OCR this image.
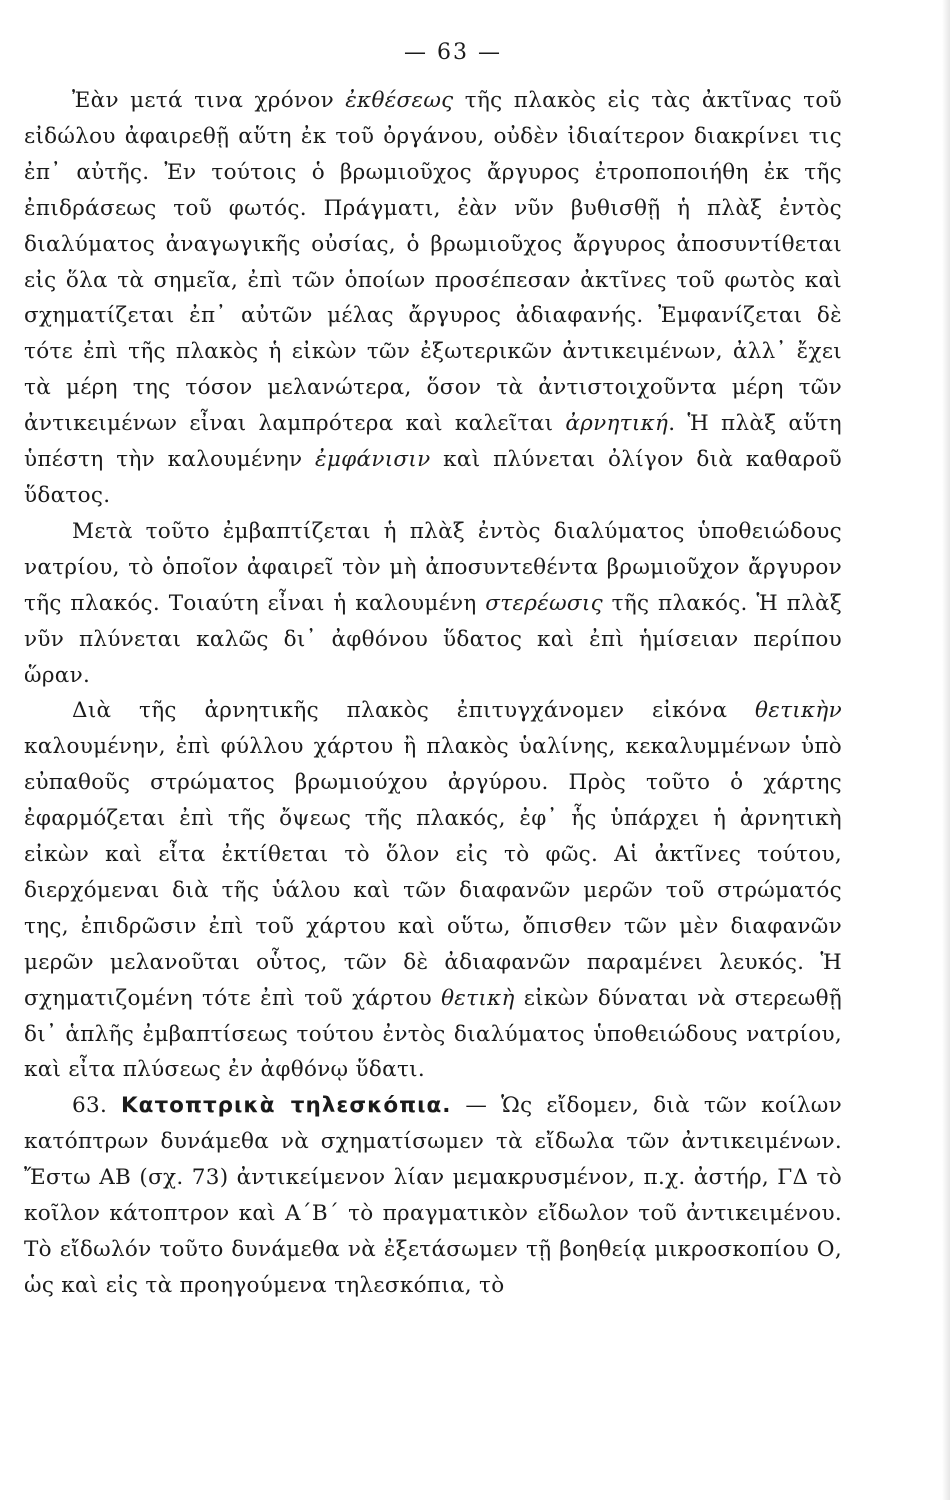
— 63 —

Ἐὰν μετά τινα χρόνον ἐκθέσεως τῆς πλακὸς εἰς τὰς ἀκτῖνας τοῦ εἰδώλου ἀφαιρεθῇ αὕτη ἐκ τοῦ ὀργάνου, οὐδὲν ἰδιαίτερον διακρίνει τις ἐπ᾽ αὐτῆς. Ἐν τούτοις ὁ βρωμιοῦχος ἄργυρος ἐτροποποιήθη ἐκ τῆς ἐπιδράσεως τοῦ φωτός. Πράγματι, ἐὰν νῦν βυθισθῇ ἡ πλὰξ ἐντὸς διαλύματος ἀναγωγικῆς οὐσίας, ὁ βρωμιοῦχος ἄργυρος ἀποσυντίθεται εἰς ὅλα τὰ σημεῖα, ἐπὶ τῶν ὁποίων προσέπεσαν ἀκτῖνες τοῦ φωτὸς καὶ σχηματίζεται ἐπ᾽ αὐτῶν μέλας ἄργυρος ἀδιαφανής. Ἐμφανίζεται δὲ τότε ἐπὶ τῆς πλακὸς ἡ εἰκὼν τῶν ἐξωτερικῶν ἀντικειμένων, ἀλλ᾽ ἔχει τὰ μέρη της τόσον μελανώτερα, ὅσον τὰ ἀντιστοιχοῦντα μέρη τῶν ἀντικειμένων εἶναι λαμπρότερα καὶ καλεῖται ἀρνητική. Ἡ πλὰξ αὕτη ὑπέστη τὴν καλουμένην ἐμφάνισιν καὶ πλύνεται ὀλίγον διὰ καθαροῦ ὕδατος.

Μετὰ τοῦτο ἐμβαπτίζεται ἡ πλὰξ ἐντὸς διαλύματος ὑποθειώδους νατρίου, τὸ ὁποῖον ἀφαιρεῖ τὸν μὴ ἀποσυντεθέντα βρωμιοῦχον ἄργυρον τῆς πλακός. Τοιαύτη εἶναι ἡ καλουμένη στερέωσις τῆς πλακός. Ἡ πλὰξ νῦν πλύνεται καλῶς δι᾽ ἀφθόνου ὕδατος καὶ ἐπὶ ἡμίσειαν περίπου ὥραν.

Διὰ τῆς ἀρνητικῆς πλακὸς ἐπιτυγχάνομεν εἰκόνα θετικὴν καλουμένην, ἐπὶ φύλλου χάρτου ἢ πλακὸς ὑαλίνης, κεκαλυμμένων ὑπὸ εὐπαθοῦς στρώματος βρωμιούχου ἀργύρου. Πρὸς τοῦτο ὁ χάρτης ἐφαρμόζεται ἐπὶ τῆς ὄψεως τῆς πλακός, ἐφ᾽ ἧς ὑπάρχει ἡ ἀρνητικὴ εἰκὼν καὶ εἶτα ἐκτίθεται τὸ ὅλον εἰς τὸ φῶς. Αἱ ἀκτῖνες τούτου, διερχόμεναι διὰ τῆς ὑάλου καὶ τῶν διαφανῶν μερῶν τοῦ στρώματός της, ἐπιδρῶσιν ἐπὶ τοῦ χάρτου καὶ οὕτω, ὄπισθεν τῶν μὲν διαφανῶν μερῶν μελανοῦται οὗτος, τῶν δὲ ἀδιαφανῶν παραμένει λευκός. Ἡ σχηματιζομένη τότε ἐπὶ τοῦ χάρτου θετικὴ εἰκὼν δύναται νὰ στερεωθῇ δι᾽ ἁπλῆς ἐμβαπτίσεως τούτου ἐντὸς διαλύματος ὑποθειώδους νατρίου, καὶ εἶτα πλύσεως ἐν ἀφθόνῳ ὕδατι.

63. Κατοπτρικὰ τηλεσκόπια. — Ὡς εἴδομεν, διὰ τῶν κοίλων κατόπτρων δυνάμεθα νὰ σχηματίσωμεν τὰ εἴδωλα τῶν ἀντικειμένων. Ἔστω ΑΒ (σχ. 73) ἀντικείμενον λίαν μεμακρυσμένον, π.χ. ἀστήρ, ΓΔ τὸ κοῖλον κάτοπτρον καὶ Α΄Β΄ τὸ πραγματικὸν εἴδωλον τοῦ ἀντικειμένου. Τὸ εἴδωλόν τοῦτο δυνάμεθα νὰ ἐξετάσωμεν τῇ βοηθείᾳ μικροσκοπίου Ο, ὡς καὶ εἰς τὰ προηγούμενα τηλεσκόπια, τὸ
